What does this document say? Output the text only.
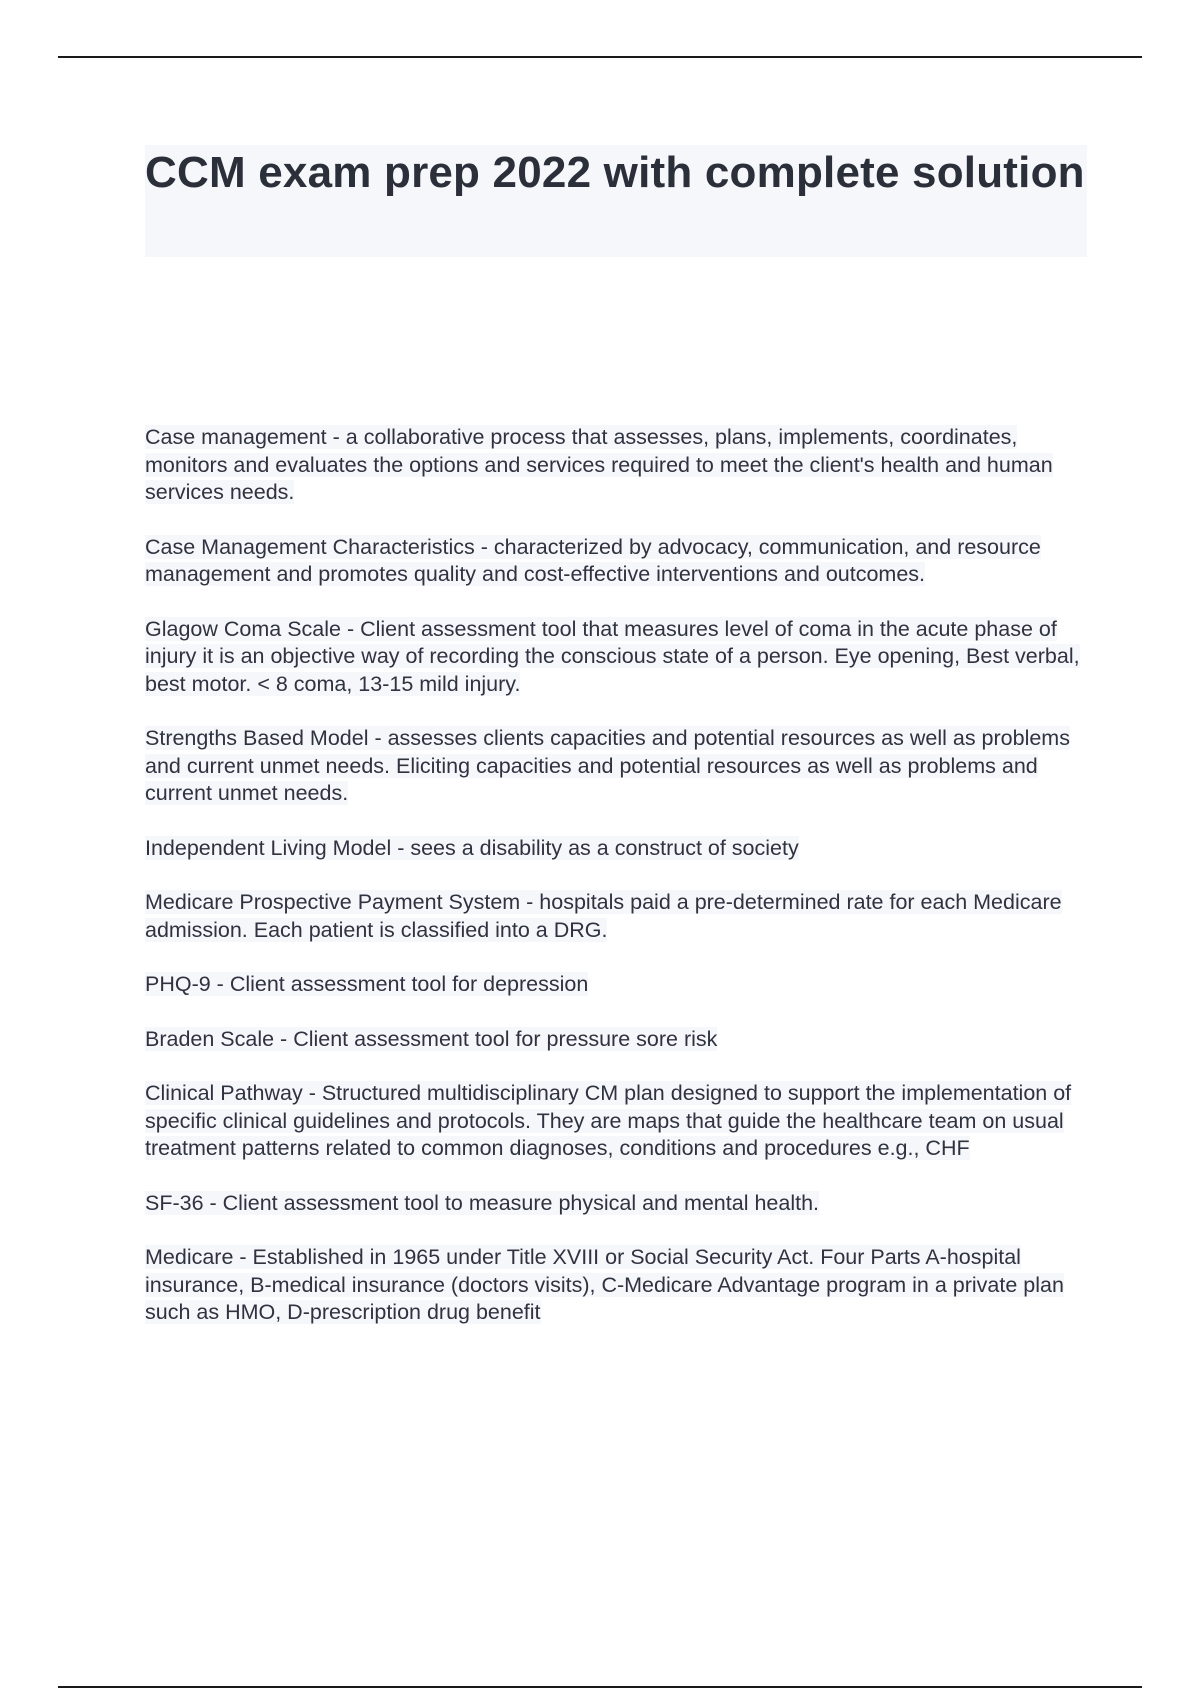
CCM exam prep 2022 with complete solution

Case management - a collaborative process that assesses, plans, implements, coordinates, monitors and evaluates the options and services required to meet the client's health and human services needs.

Case Management Characteristics - characterized by advocacy, communication, and resource management and promotes quality and cost-effective interventions and outcomes.

Glagow Coma Scale - Client assessment tool that measures level of coma in the acute phase of injury it is an objective way of recording the conscious state of a person. Eye opening, Best verbal, best motor. < 8 coma, 13-15 mild injury.

Strengths Based Model - assesses clients capacities and potential resources as well as problems and current unmet needs. Eliciting capacities and potential resources as well as problems and current unmet needs.

Independent Living Model - sees a disability as a construct of society

Medicare Prospective Payment System - hospitals paid a pre-determined rate for each Medicare admission. Each patient is classified into a DRG.

PHQ-9 - Client assessment tool for depression

Braden Scale - Client assessment tool for pressure sore risk

Clinical Pathway - Structured multidisciplinary CM plan designed to support the implementation of specific clinical guidelines and protocols. They are maps that guide the healthcare team on usual treatment patterns related to common diagnoses, conditions and procedures e.g., CHF

SF-36 - Client assessment tool to measure physical and mental health.

Medicare - Established in 1965 under Title XVIII or Social Security Act. Four Parts A-hospital insurance, B-medical insurance (doctors visits), C-Medicare Advantage program in a private plan such as HMO, D-prescription drug benefit
